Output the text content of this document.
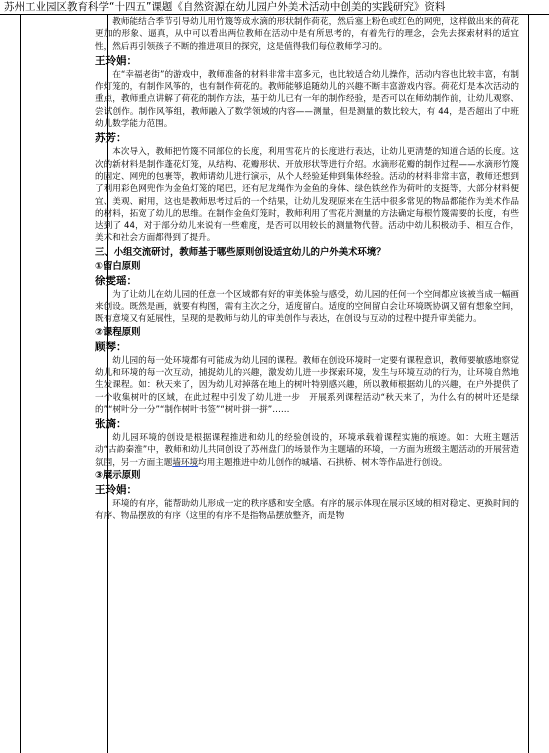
苏州工业园区教育科学“十四五”课题《自然资源在幼儿园户外美术活动中创美的实践研究》资料

教师能结合季节引导幼儿用竹篾等成水滴的形状制作荷花，然后塞上粉色或红色的网兜，这样做出来的荷花更加的形象、逼真，从中可以看出两位教师在活动中是有所思考的，有着先行的理念，会先去探索材料的适宜性，然后再引领孩子不断的推进项目的探究，这是值得我们每位教师学习的。

王玲娟：

在“幸福老街”的游戏中，教师准备的材料非常丰富多元，也比较适合幼儿操作，活动内容也比较丰富，有制作灯笼的，有制作风筝的，也有制作荷花的。教师能够追随幼儿的兴趣不断丰富游戏内容。荷花灯是本次活动的重点，教师重点讲解了荷花的制作方法，基于幼儿已有一年的制作经验，是否可以在师幼制作前，让幼儿观察、尝试创作。制作风筝组，教师融入了数学领域的内容——测量，但是测量的数比较大，有 44，是否超出了中班幼儿数学能力范围。

苏芳：

本次导入，教师把竹篾不同部位的长度，利用雪花片的长度进行表达，让幼儿更清楚的知道合适的长度。这次的新材料是制作蓬花灯笼，从结构、花瓣形状、开放形状等进行介绍。水滴形花瓣的制作过程——水滴形竹篾的固定、网兜的包裹等，教师请幼儿进行演示，从个人经验延伸到集体经验。活动的材料非常丰富，教师还想到了利用彩色网兜作为金鱼灯笼的尾巴，还有尼龙绳作为金鱼的身体、绿色铁丝作为荷叶的支挺等，大部分材料便宜、美观、耐用，这也是教师思考过后的一个结果，让幼儿发现原来在生活中很多常见的物品都能作为美术作品的材料，拓宽了幼儿的思维。在制作金鱼灯笼时，教师利用了雪花片测量的方法确定每根竹篾需要的长度，有些达到了 44，对于部分幼儿来说有一些难度，是否可以用较长的测量物代替。活动中幼儿积极动手、相互合作，美术和社会方面都得到了提升。

三、小组交流研讨，教师基于哪些原则创设适宜幼儿的户外美术环境？

①留白原则

徐雯瑶：

为了让幼儿在幼儿园的任意一个区域都有好的审美体验与感受，幼儿园的任何一个空间都应该被当成一幅画来创设。既然是画，就要有构图，需有主次之分，适度留白。适度的空间留白会让环境既协调又留有想象空间，既有意境又有延展性，呈现的是教师与幼儿的审美创作与表达，在创设与互动的过程中提升审美能力。

②课程原则

顾琴：

幼儿园的每一处环境都有可能成为幼儿园的课程。教师在创设环境时一定要有课程意识，教师要敏感地察觉幼儿和环境的每一次互动，捕捉幼儿的兴趣，激发幼儿进一步探索环境，发生与环境互动的行为，让环境自然地生发课程。如：秋天来了，因为幼儿对掉落在地上的树叶特别感兴趣，所以教师根据幼儿的兴趣，在户外提供了一个收集树叶的区域，在此过程中引发了幼儿进一步　开展系列课程活动“秋天来了，为什么有的树叶还是绿的”“树叶分一分”“制作树叶书签”“树叶拼一拼”……

张旖：

幼儿园环境的创设是根据课程推进和幼儿的经验创设的，环境承载着课程实施的痕迹。如：大班主题活动“古韵秦淮”中，教师和幼儿共同创设了苏州盘门的场景作为主题墙的环境，一方面为班级主题活动的开展营造氛围，另一方面主题墙环境均用主题推进中幼儿创作的城墙、石拱桥、树木等作品进行创设。

③展示原则

王玲娟：

环境的有序，能帮助幼儿形成一定的秩序感和安全感。有序的展示体现在展示区域的相对稳定、更换时间的有序、物品摆放的有序（这里的有序不是指物品摆放整齐，而是物
